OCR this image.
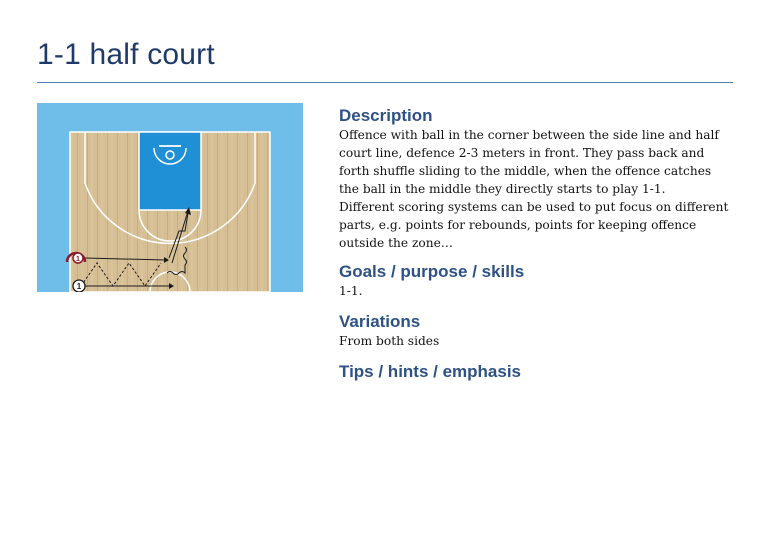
1-1 half court
1
1
Description
Offence with ball in the corner between the side line and half court line, defence 2-3 meters in front. They pass back and forth shuffle sliding to the middle, when the offence catches the ball in the middle they directly starts to play 1-1.
Different scoring systems can be used to put focus on different parts, e.g. points for rebounds, points for keeping offence outside the zone…
Goals / purpose / skills
1-1.
Variations
From both sides
Tips / hints / emphasis
